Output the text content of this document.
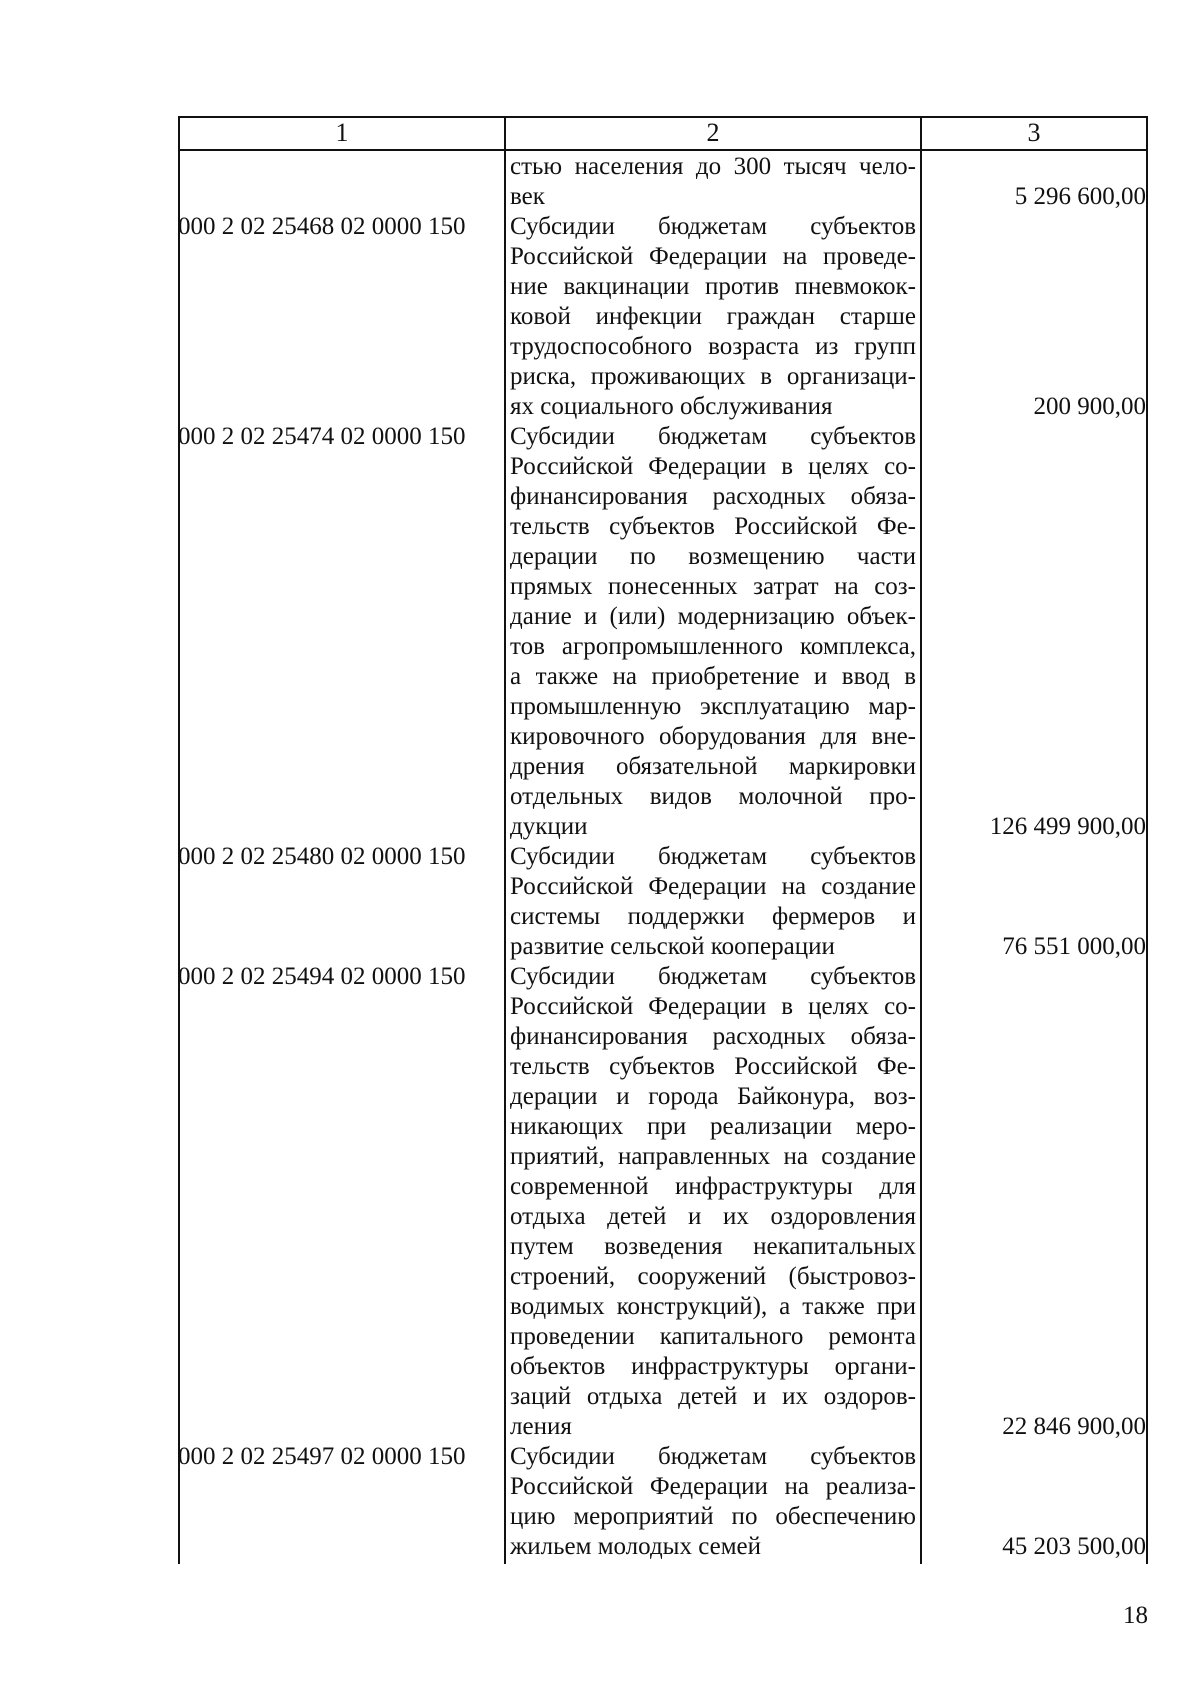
1	2	3
стью населения до 300 тысяч чело-
век	5 296 600,00
000 2 02 25468 02 0000 150	Субсидии бюджетам субъектов
Российской Федерации на проведе-
ние вакцинации против пневмокок-
ковой инфекции граждан старше
трудоспособного возраста из групп
риска, проживающих в организаци-
ях социального обслуживания	200 900,00
000 2 02 25474 02 0000 150	Субсидии бюджетам субъектов
Российской Федерации в целях со-
финансирования расходных обяза-
тельств субъектов Российской Фе-
дерации по возмещению части
прямых понесенных затрат на соз-
дание и (или) модернизацию объек-
тов агропромышленного комплекса,
а также на приобретение и ввод в
промышленную эксплуатацию мар-
кировочного оборудования для вне-
дрения обязательной маркировки
отдельных видов молочной про-
дукции	126 499 900,00
000 2 02 25480 02 0000 150	Субсидии бюджетам субъектов
Российской Федерации на создание
системы поддержки фермеров и
развитие сельской кооперации	76 551 000,00
000 2 02 25494 02 0000 150	Субсидии бюджетам субъектов
Российской Федерации в целях со-
финансирования расходных обяза-
тельств субъектов Российской Фе-
дерации и города Байконура, воз-
никающих при реализации меро-
приятий, направленных на создание
современной инфраструктуры для
отдыха детей и их оздоровления
путем возведения некапитальных
строений, сооружений (быстровоз-
водимых конструкций), а также при
проведении капитального ремонта
объектов инфраструктуры органи-
заций отдыха детей и их оздоров-
ления	22 846 900,00
000 2 02 25497 02 0000 150	Субсидии бюджетам субъектов
Российской Федерации на реализа-
цию мероприятий по обеспечению
жильем молодых семей	45 203 500,00
18
